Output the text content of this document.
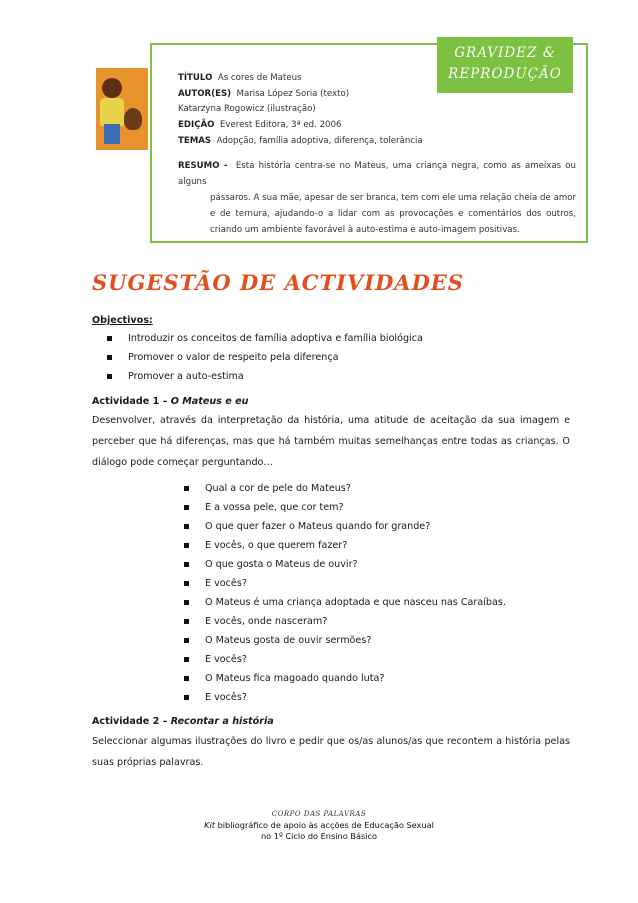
GRAVIDEZ &
REPRODUÇÃO
TÍTULO As cores de Mateus
AUTOR(ES) Marisa López Soria (texto)
Katarzyna Rogowicz (ilustração)
EDIÇÃO Everest Editora, 3ª ed. 2006
TEMAS Adopção, família adoptiva, diferença, tolerância
RESUMO - Esta história centra-se no Mateus, uma criança negra, como as ameixas ou alguns
pássaros. A sua mãe, apesar de ser branca, tem com ele uma relação cheia de amor e de ternura, ajudando-o a lidar com as provocações e comentários dos outros, criando um ambiente favorável à auto-estima e auto-imagem positivas.
SUGESTÃO DE ACTIVIDADES
Objectivos:
Introduzir os conceitos de família adoptiva e família biológica
Promover o valor de respeito pela diferença
Promover a auto-estima
Actividade 1 – O Mateus e eu
Desenvolver, através da interpretação da história, uma atitude de aceitação da sua imagem e perceber que há diferenças, mas que há também muitas semelhanças entre todas as crianças. O diálogo pode começar perguntando…
Qual a cor de pele do Mateus?
E a vossa pele, que cor tem?
O que quer fazer o Mateus quando for grande?
E vocês, o que querem fazer?
O que gosta o Mateus de ouvir?
E vocês?
O Mateus é uma criança adoptada e que nasceu nas Caraíbas.
E vocês, onde nasceram?
O Mateus gosta de ouvir sermões?
E vocês?
O Mateus fica magoado quando luta?
E vocês?
Actividade 2 – Recontar a história
Seleccionar algumas ilustrações do livro e pedir que os/as alunos/as que recontem a história pelas suas próprias palavras.
CORPO DAS PALAVRAS
Kit bibliográfico de apoio às acções de Educação Sexual
no 1º Ciclo do Ensino Básico
